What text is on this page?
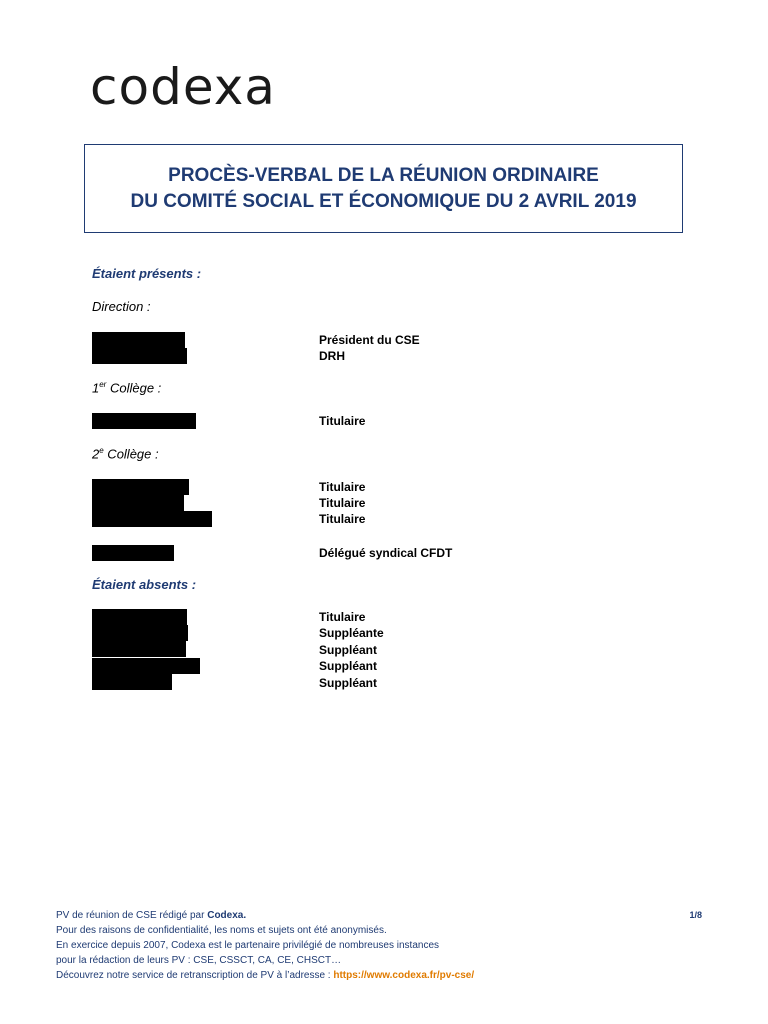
codexa
PROCÈS-VERBAL DE LA RÉUNION ORDINAIRE
DU COMITÉ SOCIAL ET ÉCONOMIQUE DU 2 AVRIL 2019
Étaient présents :
Direction :
Président du CSE
DRH
1er Collège :
Titulaire
2e Collège :
Titulaire
Titulaire
Titulaire
Délégué syndical CFDT
Étaient absents :
Titulaire
Suppléante
Suppléant
Suppléant
Suppléant
1/8
PV de réunion de CSE rédigé par Codexa.
Pour des raisons de confidentialité, les noms et sujets ont été anonymisés.
En exercice depuis 2007, Codexa est le partenaire privilégié de nombreuses instances
pour la rédaction de leurs PV : CSE, CSSCT, CA, CE, CHSCT…
Découvrez notre service de retranscription de PV à l’adresse : https://www.codexa.fr/pv-cse/
